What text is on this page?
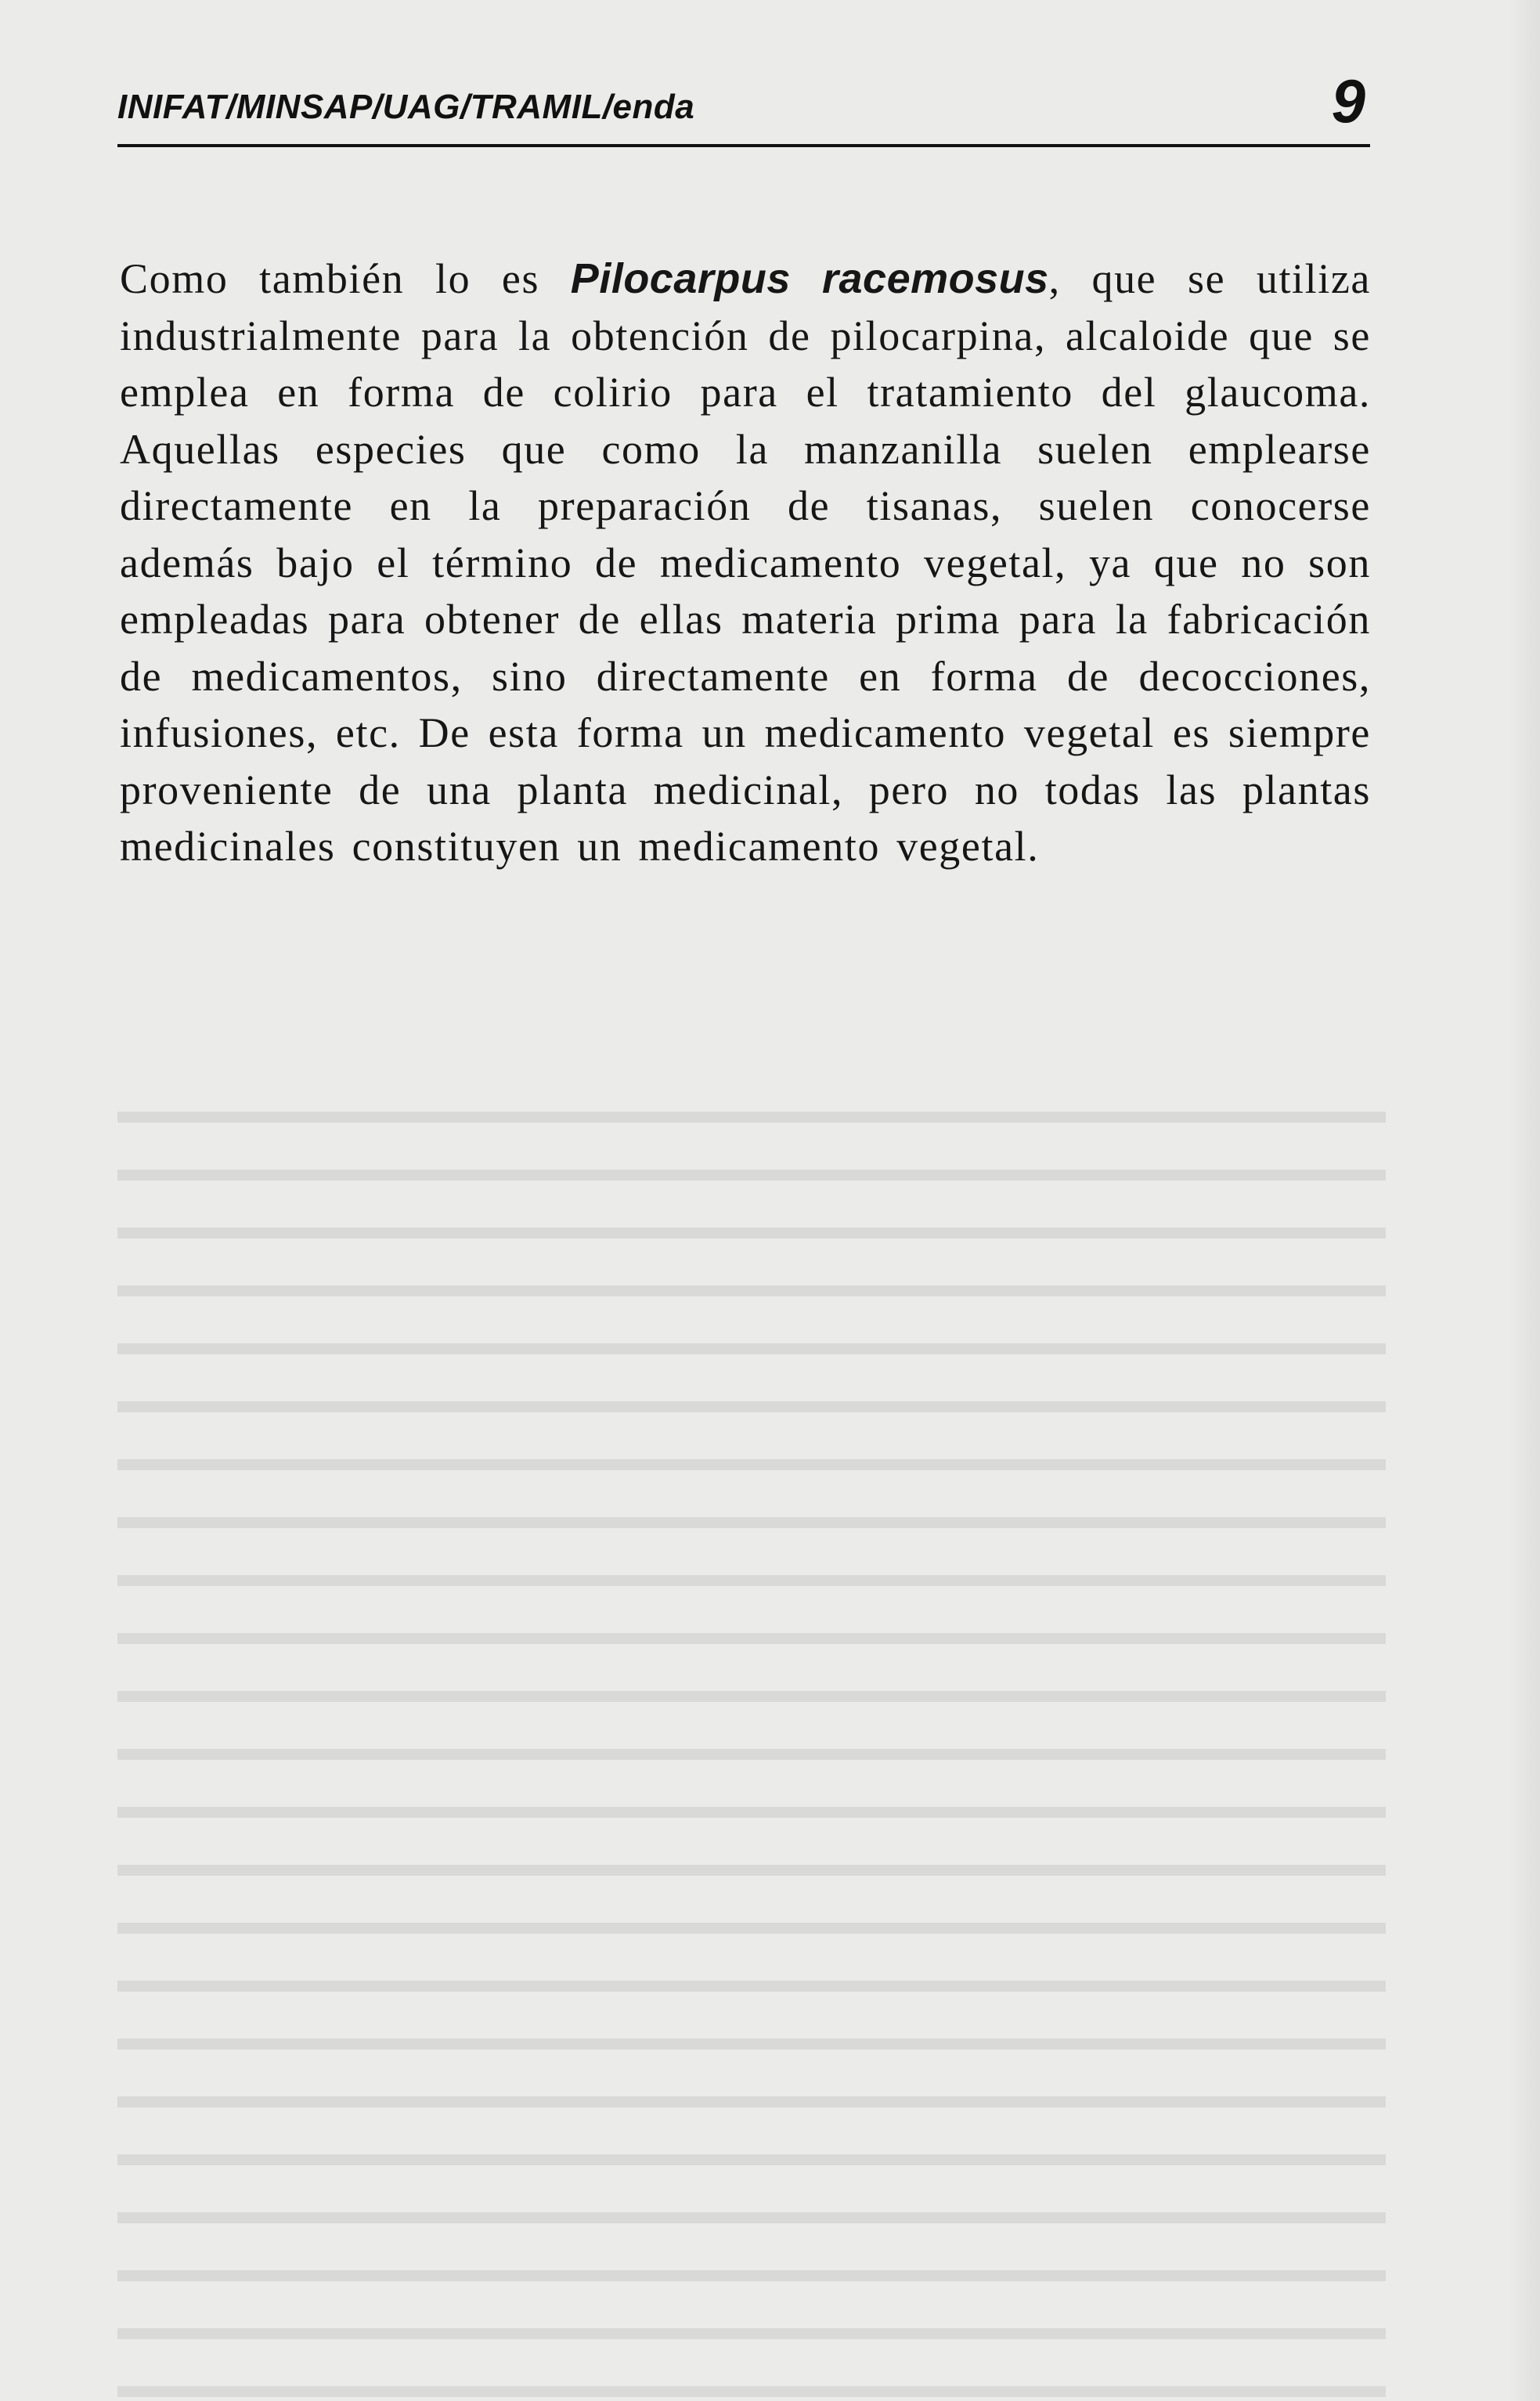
INIFAT/MINSAP/UAG/TRAMIL/enda	9

Como también lo es Pilocarpus racemosus, que se utiliza industrialmente para la obtención de pilocarpina, alcaloide que se emplea en forma de colirio para el tratamiento del glaucoma. Aquellas especies que como la manzanilla suelen emplearse directamente en la preparación de tisanas, suelen conocerse además bajo el término de medicamento vegetal, ya que no son empleadas para obtener de ellas materia prima para la fabricación de medicamentos, sino directamente en forma de decocciones, infusiones, etc. De esta forma un medicamento vegetal es siempre proveniente de una planta medicinal, pero no todas las plantas medicinales constituyen un medicamento vegetal.
